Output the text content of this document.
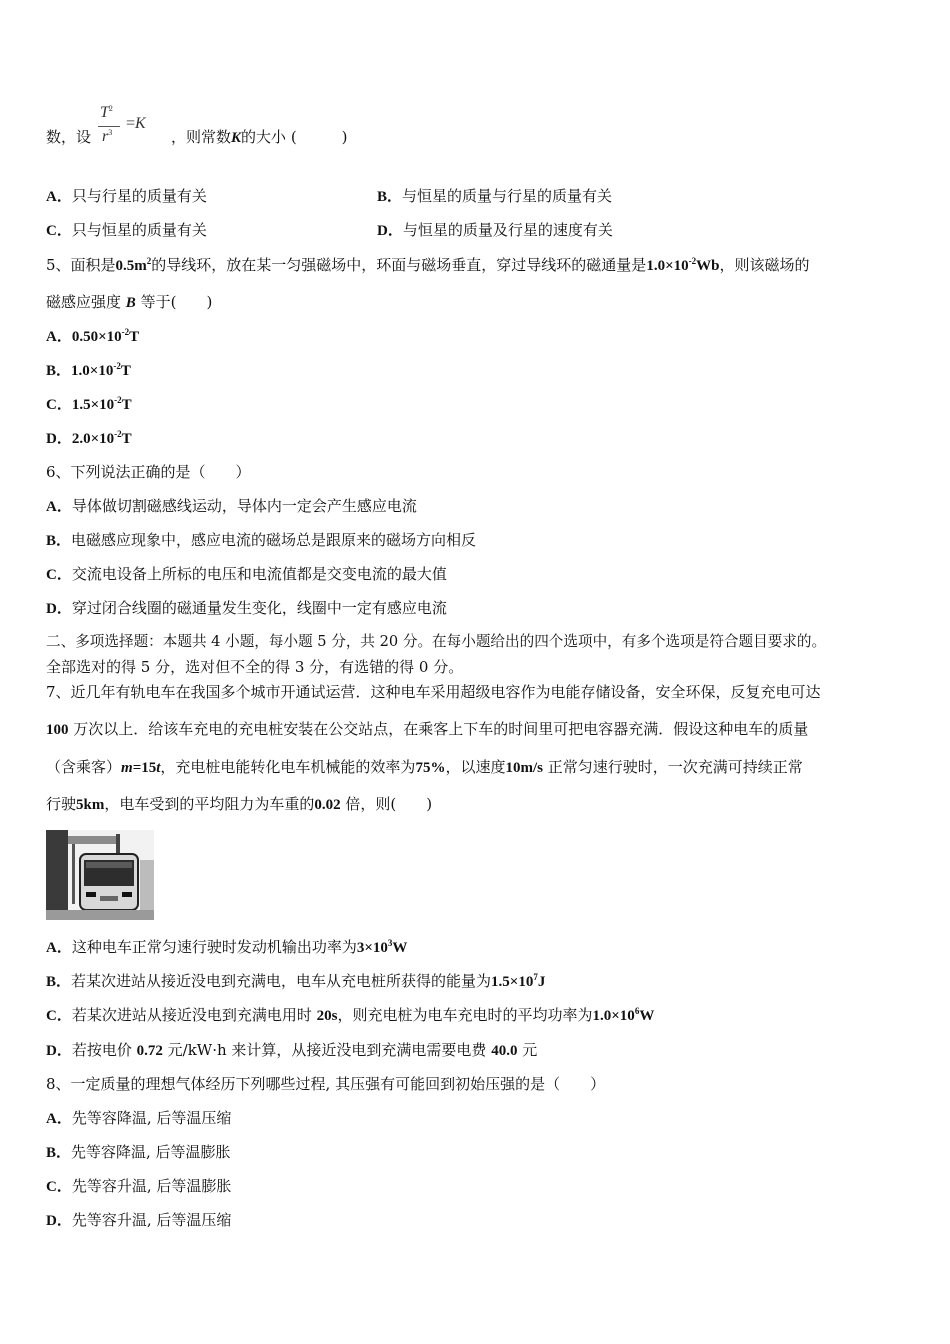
数，设	，则常数K的大小 (　　　)
$T^2$
$r^3$
=K
A．只与行星的质量有关	B．与恒星的质量与行星的质量有关
C．只与恒星的质量有关	D．与恒星的质量及行星的速度有关
5、面积是$0.5m^2$的导线环，放在某一匀强磁场中，环面与磁场垂直，穿过导线环的磁通量是$1.0\times 10^{-2}Wb$，则该磁场的
磁感应强度 B 等于(　　)
A．$0.50\times 10^{-2}T$
B．$1.0\times 10^{-2}T$
C．$1.5\times 10^{-2}T$
D．$2.0\times 10^{-2}T$
6、下列说法正确的是（　　）
A．导体做切割磁感线运动，导体内一定会产生感应电流
B．电磁感应现象中，感应电流的磁场总是跟原来的磁场方向相反
C．交流电设备上所标的电压和电流值都是交变电流的最大值
D．穿过闭合线圈的磁通量发生变化，线圈中一定有感应电流
二、多项选择题：本题共 4 小题，每小题 5 分，共 20 分。在每小题给出的四个选项中，有多个选项是符合题目要求的。
全部选对的得 5 分，选对但不全的得 3 分，有选错的得 0 分。
7、近几年有轨电车在我国多个城市开通试运营．这种电车采用超级电容作为电能存储设备，安全环保，反复充电可达
100 万次以上．给该车充电的充电桩安装在公交站点，在乘客上下车的时间里可把电容器充满．假设这种电车的质量
（含乘客）m=15t，充电桩电能转化电车机械能的效率为75%，以速度10m/s 正常匀速行驶时，一次充满可持续正常
行驶5km，电车受到的平均阻力为车重的0.02 倍，则(　　)
A．这种电车正常匀速行驶时发动机输出功率为$3\times 10^3W$
B．若某次进站从接近没电到充满电，电车从充电桩所获得的能量为$1.5\times 10^7J$
C．若某次进站从接近没电到充满电用时 20s，则充电桩为电车充电时的平均功率为$1.0\times 10^6W$
D．若按电价 0.72 元/kW·h 来计算，从接近没电到充满电需要电费 40.0 元
8、一定质量的理想气体经历下列哪些过程, 其压强有可能回到初始压强的是（　　）
A．先等容降温, 后等温压缩
B．先等容降温, 后等温膨胀
C．先等容升温, 后等温膨胀
D．先等容升温, 后等温压缩
